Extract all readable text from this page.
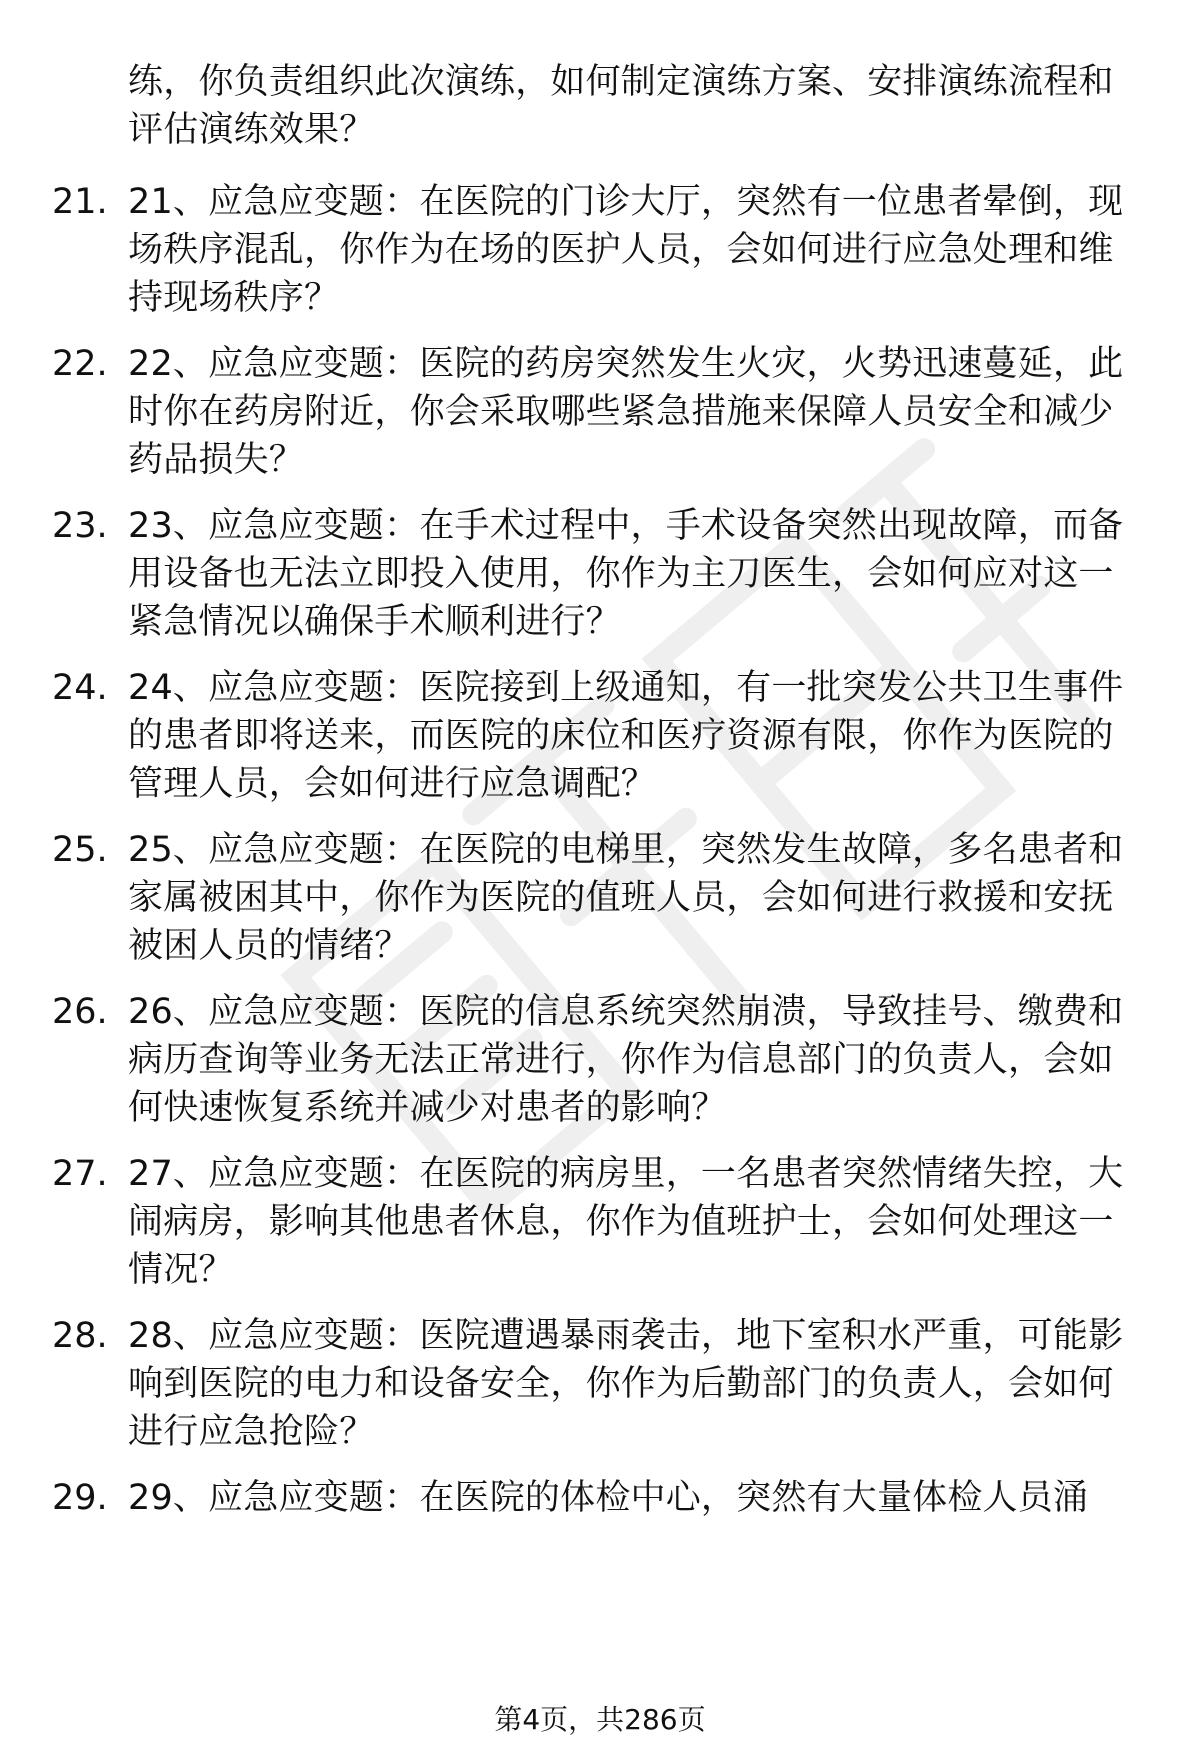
练，你负责组织此次演练，如何制定演练方案、安排演练流程和评估演练效果？
21. 21、应急应变题：在医院的门诊大厅，突然有一位患者晕倒，现场秩序混乱，你作为在场的医护人员，会如何进行应急处理和维持现场秩序？
22. 22、应急应变题：医院的药房突然发生火灾，火势迅速蔓延，此时你在药房附近，你会采取哪些紧急措施来保障人员安全和减少药品损失？
23. 23、应急应变题：在手术过程中，手术设备突然出现故障，而备用设备也无法立即投入使用，你作为主刀医生，会如何应对这一紧急情况以确保手术顺利进行？
24. 24、应急应变题：医院接到上级通知，有一批突发公共卫生事件的患者即将送来，而医院的床位和医疗资源有限，你作为医院的管理人员，会如何进行应急调配？
25. 25、应急应变题：在医院的电梯里，突然发生故障，多名患者和家属被困其中，你作为医院的值班人员，会如何进行救援和安抚被困人员的情绪？
26. 26、应急应变题：医院的信息系统突然崩溃，导致挂号、缴费和病历查询等业务无法正常进行，你作为信息部门的负责人，会如何快速恢复系统并减少对患者的影响？
27. 27、应急应变题：在医院的病房里，一名患者突然情绪失控，大闹病房，影响其他患者休息，你作为值班护士，会如何处理这一情况？
28. 28、应急应变题：医院遭遇暴雨袭击，地下室积水严重，可能影响到医院的电力和设备安全，你作为后勤部门的负责人，会如何进行应急抢险？
29. 29、应急应变题：在医院的体检中心，突然有大量体检人员涌
第4页，共286页
